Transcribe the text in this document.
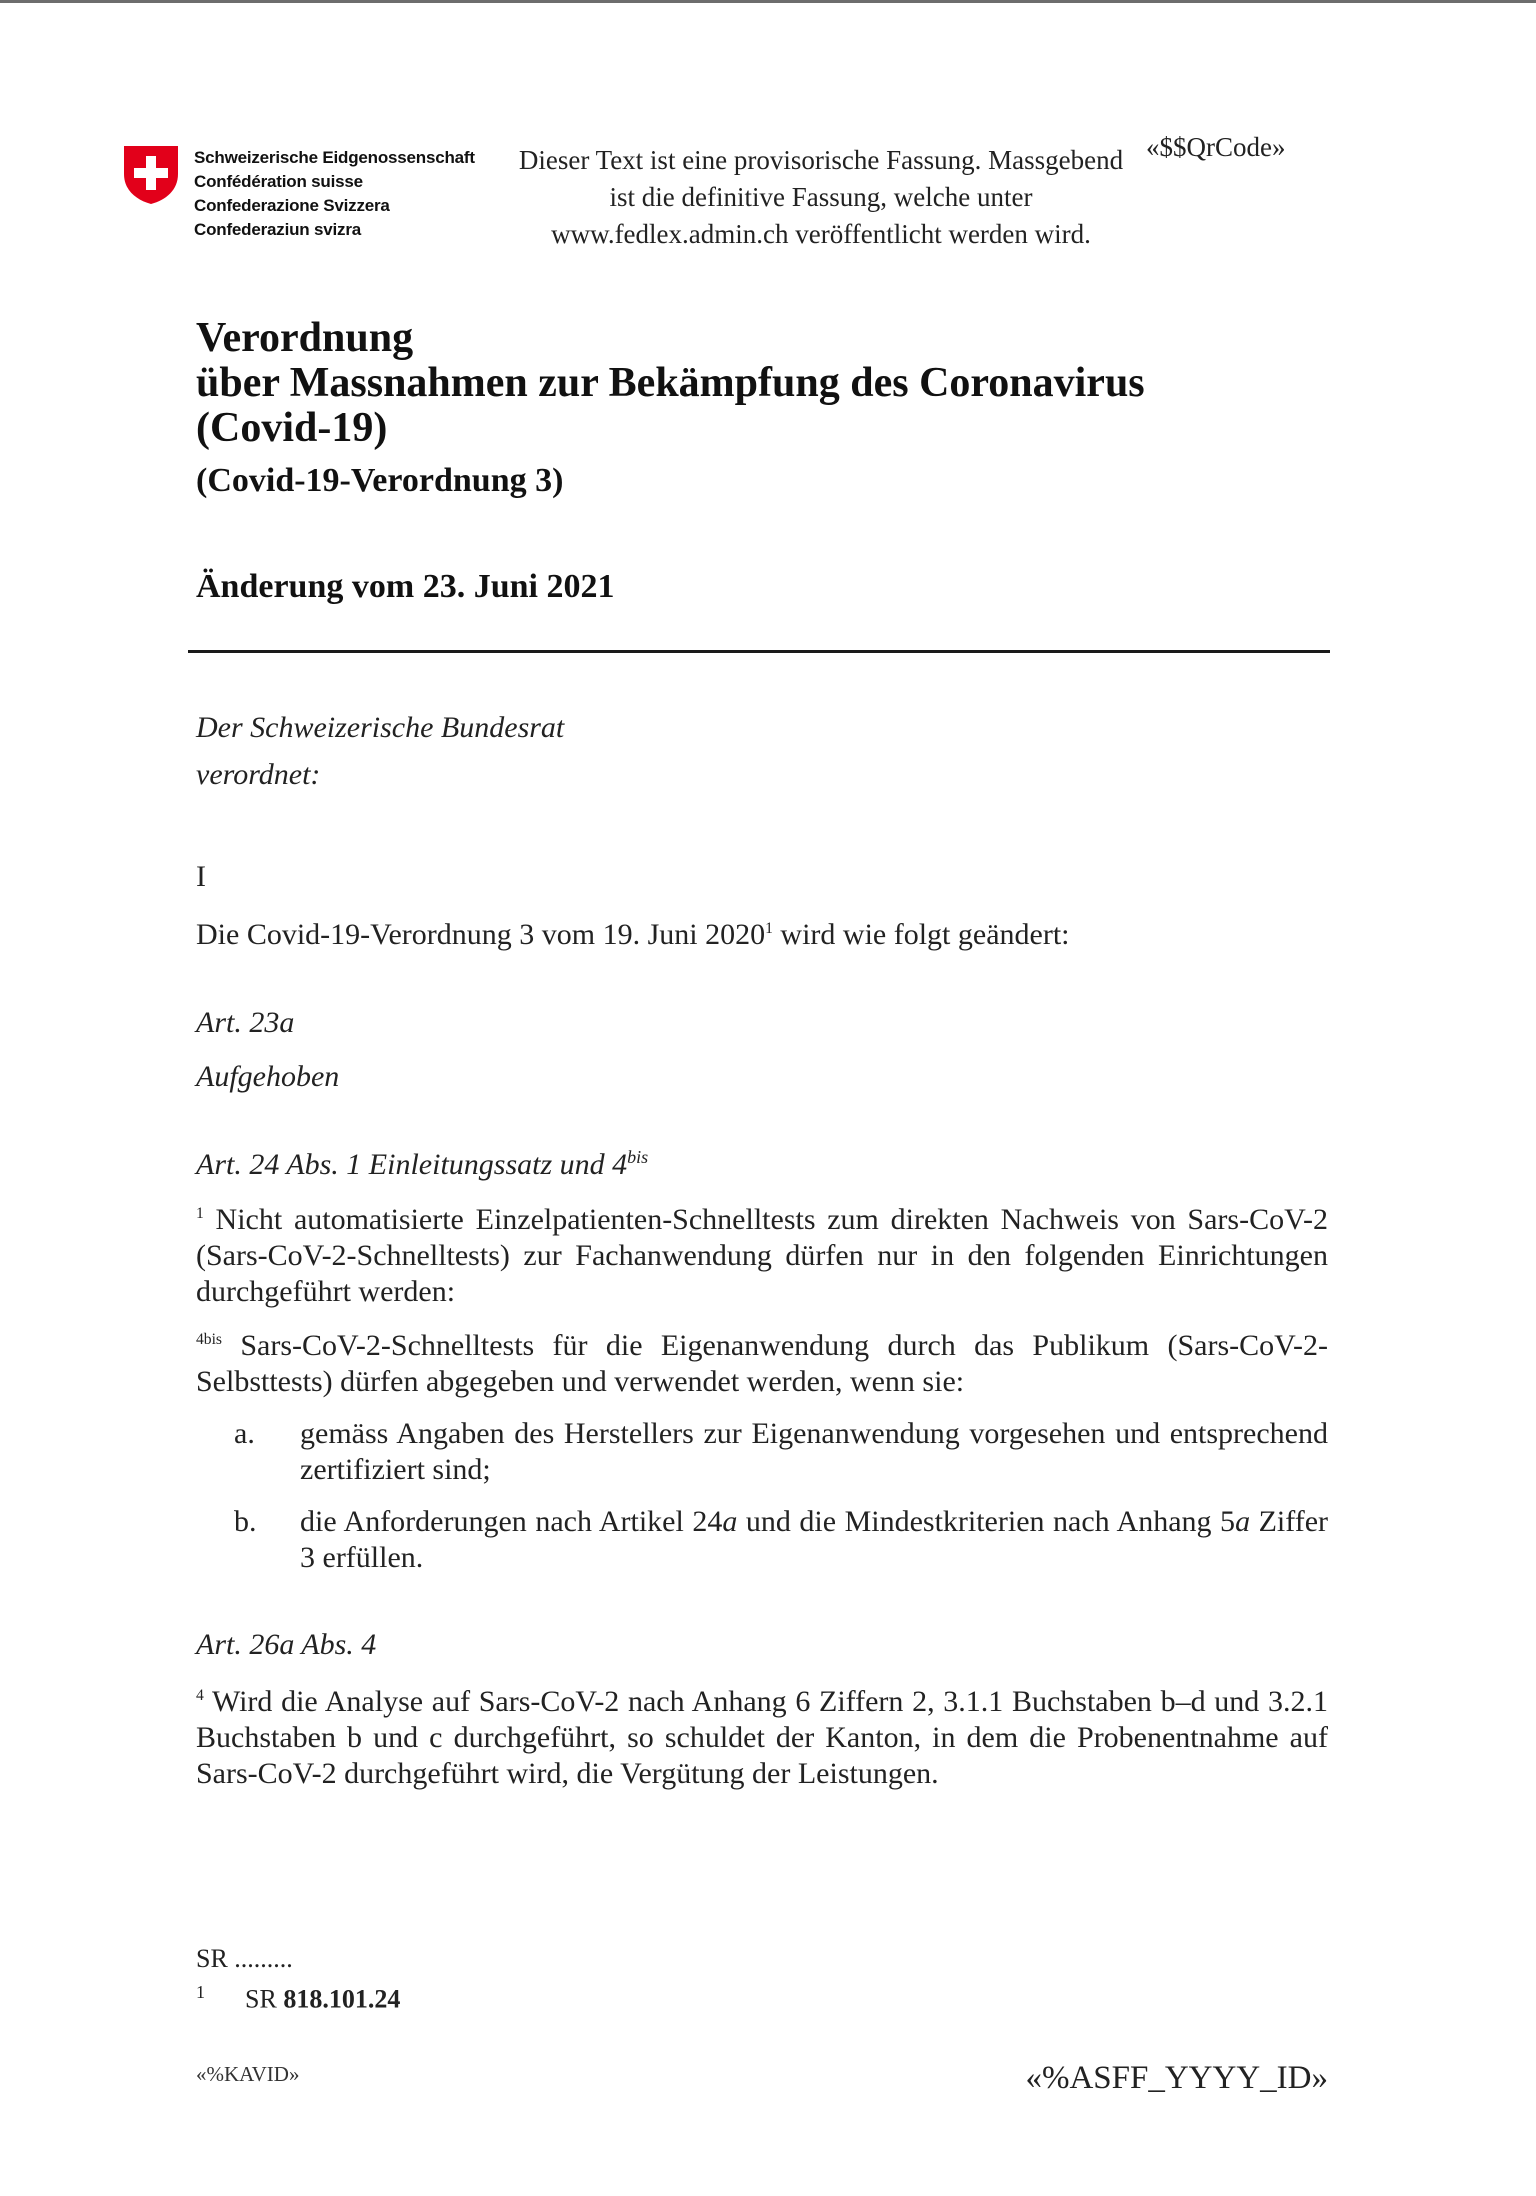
Schweizerische Eidgenossenschaft
Confédération suisse
Confederazione Svizzera
Confederaziun svizra
Dieser Text ist eine provisorische Fassung. Massgebend ist die definitive Fassung, welche unter www.fedlex.admin.ch veröffentlicht werden wird.
«$$QrCode»
Verordnung
über Massnahmen zur Bekämpfung des Coronavirus
(Covid-19)
(Covid-19-Verordnung 3)
Änderung vom 23. Juni 2021
Der Schweizerische Bundesrat
verordnet:
I
Die Covid-19-Verordnung 3 vom 19. Juni 2020$^1$ wird wie folgt geändert:
Art. 23a
Aufgehoben
Art. 24 Abs. 1 Einleitungssatz und $4^{bis}$
$^1$ Nicht automatisierte Einzelpatienten-Schnelltests zum direkten Nachweis von Sars-CoV-2 (Sars-CoV-2-Schnelltests) zur Fachanwendung dürfen nur in den folgenden Einrichtungen durchgeführt werden:
$^{4bis}$ Sars-CoV-2-Schnelltests für die Eigenanwendung durch das Publikum (Sars-CoV-2-Selbsttests) dürfen abgegeben und verwendet werden, wenn sie:
a.	gemäss Angaben des Herstellers zur Eigenanwendung vorgesehen und entsprechend zertifiziert sind;
b.	die Anforderungen nach Artikel 24a und die Mindestkriterien nach Anhang 5a Ziffer 3 erfüllen.
Art. 26a Abs. 4
$^4$ Wird die Analyse auf Sars-CoV-2 nach Anhang 6 Ziffern 2, 3.1.1 Buchstaben b–d und 3.2.1 Buchstaben b und c durchgeführt, so schuldet der Kanton, in dem die Probenentnahme auf Sars-CoV-2 durchgeführt wird, die Vergütung der Leistungen.
SR .........
$^1$ SR 818.101.24
«%KAVID»	«%ASFF_YYYY_ID»
